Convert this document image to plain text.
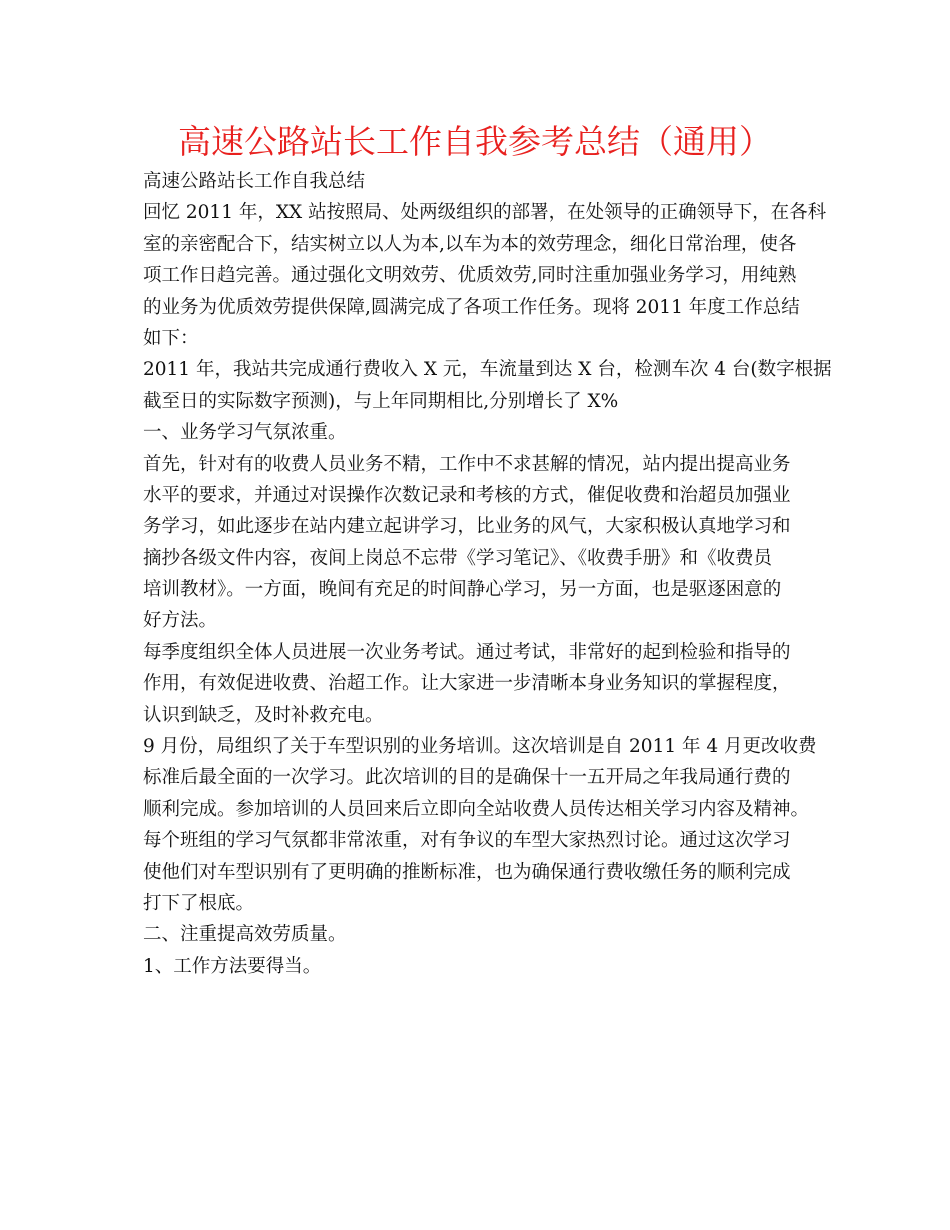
高速公路站长工作自我参考总结（通用）
高速公路站长工作自我总结
回忆 2011 年，XX 站按照局、处两级组织的部署，在处领导的正确领导下，在各科
室的亲密配合下，结实树立以人为本,以车为本的效劳理念，细化日常治理，使各
项工作日趋完善。通过强化文明效劳、优质效劳,同时注重加强业务学习，用纯熟
的业务为优质效劳提供保障,圆满完成了各项工作任务。现将 2011 年度工作总结
如下：
2011 年，我站共完成通行费收入 X 元，车流量到达 X 台，检测车次 4 台(数字根据
截至日的实际数字预测)，与上年同期相比,分别增长了 X%
一、业务学习气氛浓重。
首先，针对有的收费人员业务不精，工作中不求甚解的情况，站内提出提高业务
水平的要求，并通过对误操作次数记录和考核的方式，催促收费和治超员加强业
务学习，如此逐步在站内建立起讲学习，比业务的风气，大家积极认真地学习和
摘抄各级文件内容，夜间上岗总不忘带《学习笔记》、《收费手册》和《收费员
培训教材》。一方面，晚间有充足的时间静心学习，另一方面，也是驱逐困意的
好方法。
每季度组织全体人员进展一次业务考试。通过考试，非常好的起到检验和指导的
作用，有效促进收费、治超工作。让大家进一步清晰本身业务知识的掌握程度，
认识到缺乏，及时补救充电。
9 月份，局组织了关于车型识别的业务培训。这次培训是自 2011 年 4 月更改收费
标准后最全面的一次学习。此次培训的目的是确保十一五开局之年我局通行费的
顺利完成。参加培训的人员回来后立即向全站收费人员传达相关学习内容及精神。
每个班组的学习气氛都非常浓重，对有争议的车型大家热烈讨论。通过这次学习
使他们对车型识别有了更明确的推断标准，也为确保通行费收缴任务的顺利完成
打下了根底。
二、注重提高效劳质量。
1、工作方法要得当。
